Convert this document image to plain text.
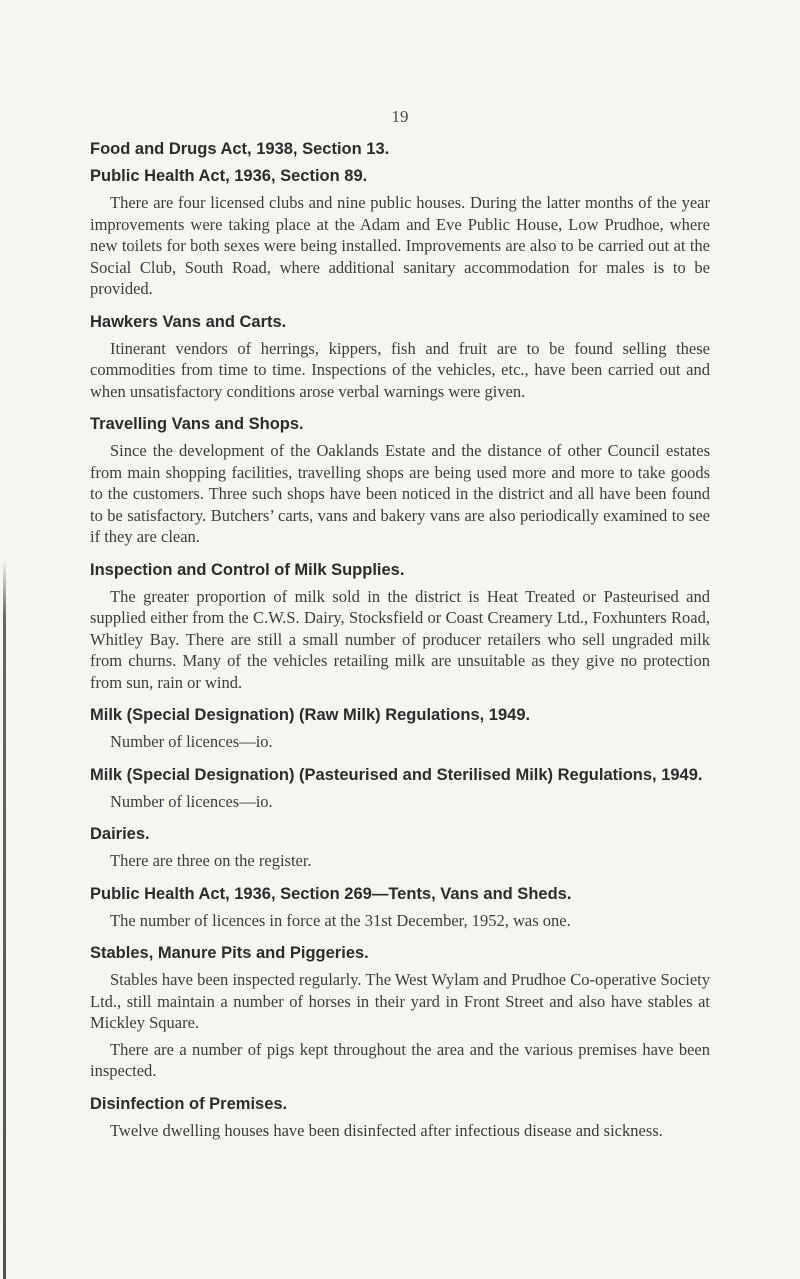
19
Food and Drugs Act, 1938, Section 13.
Public Health Act, 1936, Section 89.

There are four licensed clubs and nine public houses. During the latter months of the year improvements were taking place at the Adam and Eve Public House, Low Prudhoe, where new toilets for both sexes were being installed. Improvements are also to be carried out at the Social Club, South Road, where additional sanitary accommodation for males is to be provided.

Hawkers Vans and Carts.

Itinerant vendors of herrings, kippers, fish and fruit are to be found selling these commodities from time to time. Inspections of the vehicles, etc., have been carried out and when unsatisfactory conditions arose verbal warnings were given.

Travelling Vans and Shops.

Since the development of the Oaklands Estate and the distance of other Council estates from main shopping facilities, travelling shops are being used more and more to take goods to the customers. Three such shops have been noticed in the district and all have been found to be satisfactory. Butchers’ carts, vans and bakery vans are also periodically examined to see if they are clean.

Inspection and Control of Milk Supplies.

The greater proportion of milk sold in the district is Heat Treated or Pasteurised and supplied either from the C.W.S. Dairy, Stocksfield or Coast Creamery Ltd., Foxhunters Road, Whitley Bay. There are still a small number of producer retailers who sell ungraded milk from churns. Many of the vehicles retailing milk are unsuitable as they give no protection from sun, rain or wind.

Milk (Special Designation) (Raw Milk) Regulations, 1949.

Number of licences—io.

Milk (Special Designation) (Pasteurised and Sterilised Milk) Regulations, 1949.

Number of licences—io.

Dairies.

There are three on the register.

Public Health Act, 1936, Section 269—Tents, Vans and Sheds.

The number of licences in force at the 31st December, 1952, was one.

Stables, Manure Pits and Piggeries.

Stables have been inspected regularly. The West Wylam and Prudhoe Co-operative Society Ltd., still maintain a number of horses in their yard in Front Street and also have stables at Mickley Square.

There are a number of pigs kept throughout the area and the various premises have been inspected.

Disinfection of Premises.

Twelve dwelling houses have been disinfected after infectious disease and sickness.
